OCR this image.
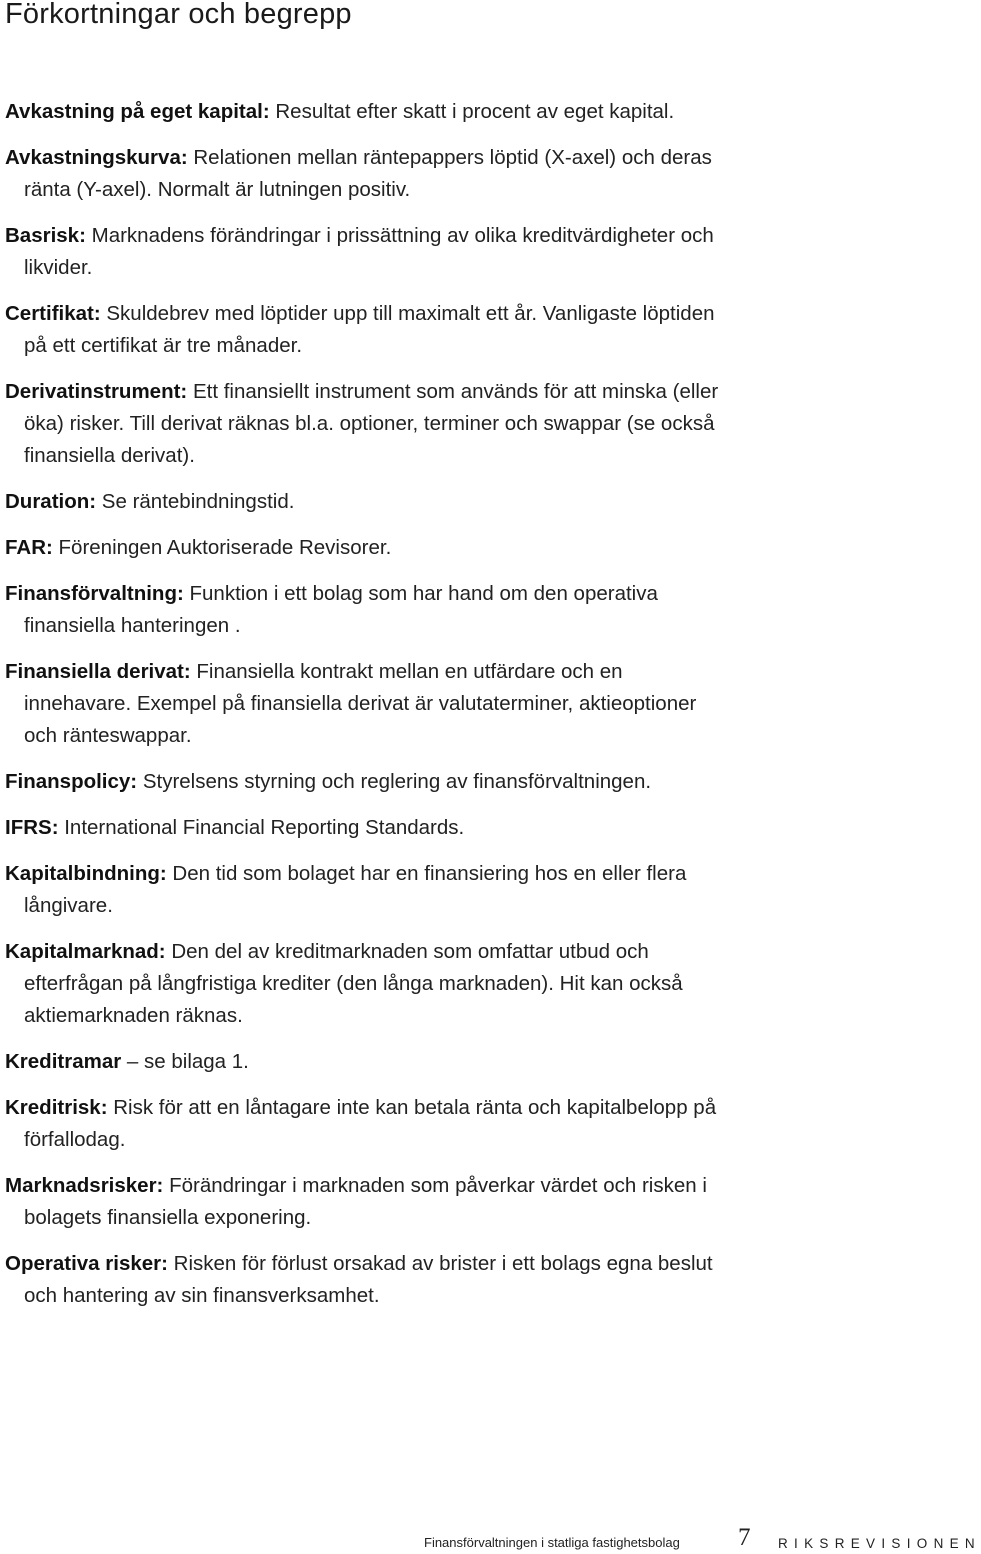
Förkortningar och begrepp

Avkastning på eget kapital: Resultat efter skatt i procent av eget kapital.

Avkastningskurva: Relationen mellan räntepappers löptid (X-axel) och deras ränta (Y-axel). Normalt är lutningen positiv.

Basrisk: Marknadens förändringar i prissättning av olika kreditvärdigheter och likvider.

Certifikat: Skuldebrev med löptider upp till maximalt ett år. Vanligaste löptiden på ett certifikat är tre månader.

Derivatinstrument: Ett finansiellt instrument som används för att minska (eller öka) risker. Till derivat räknas bl.a. optioner, terminer och swappar (se också finansiella derivat).

Duration: Se räntebindningstid.

FAR: Föreningen Auktoriserade Revisorer.

Finansförvaltning: Funktion i ett bolag som har hand om den operativa finansiella hanteringen .

Finansiella derivat: Finansiella kontrakt mellan en utfärdare och en innehavare. Exempel på finansiella derivat är valutaterminer, aktieoptioner och ränteswappar.

Finanspolicy: Styrelsens styrning och reglering av finansförvaltningen.

IFRS: International Financial Reporting Standards.

Kapitalbindning: Den tid som bolaget har en finansiering hos en eller flera långivare.

Kapitalmarknad: Den del av kreditmarknaden som omfattar utbud och efterfrågan på långfristiga krediter (den långa marknaden). Hit kan också aktiemarknaden räknas.

Kreditramar – se bilaga 1.

Kreditrisk: Risk för att en låntagare inte kan betala ränta och kapitalbelopp på förfallodag.

Marknadsrisker: Förändringar i marknaden som påverkar värdet och risken i bolagets finansiella exponering.

Operativa risker: Risken för förlust orsakad av brister i ett bolags egna beslut och hantering av sin finansverksamhet.

Finansförvaltningen i statliga fastighetsbolag 7 RIKSREVISIONEN
